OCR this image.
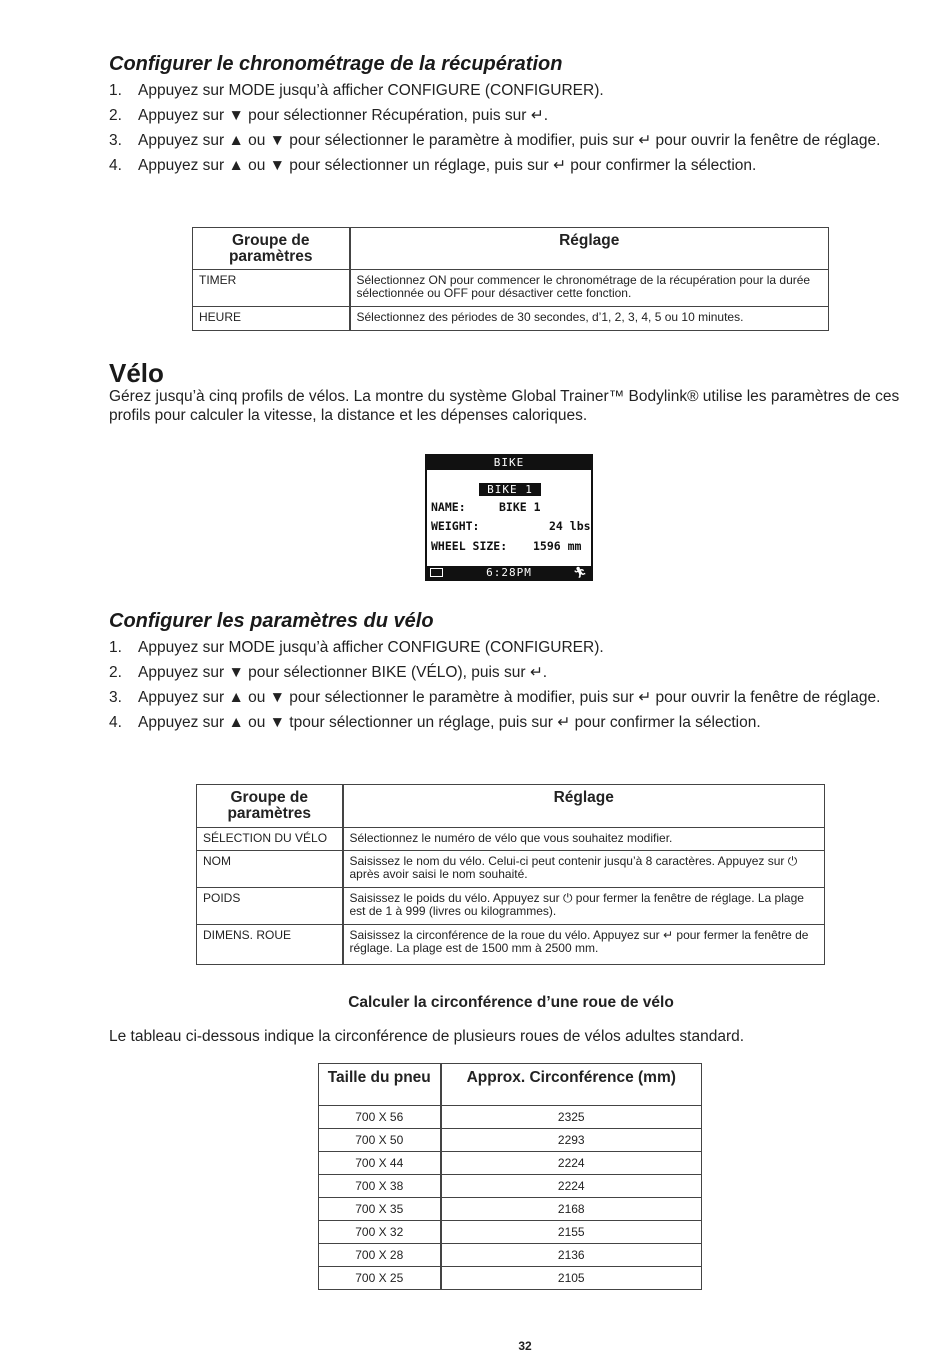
Configurer le chronométrage de la récupération
1. Appuyez sur MODE jusqu’à afficher CONFIGURE (CONFIGURER).
2. Appuyez sur ▼ pour sélectionner Récupération, puis sur ↵.
3. Appuyez sur ▲ ou ▼ pour sélectionner le paramètre à modifier, puis sur ↵ pour ouvrir la fenêtre de réglage.
4. Appuyez sur ▲ ou ▼ pour sélectionner un réglage, puis sur ↵ pour confirmer la sélection.
Groupe de paramètres	Réglage
TIMER	Sélectionnez ON pour commencer le chronométrage de la récupération pour la durée sélectionnée ou OFF pour désactiver cette fonction.
HEURE	Sélectionnez des périodes de 30 secondes, d’1, 2, 3, 4, 5 ou 10 minutes.
Vélo

Gérez jusqu’à cinq profils de vélos. La montre du système Global Trainer™ Bodylink® utilise les paramètres de ces profils pour calculer la vitesse, la distance et les dépenses caloriques.

BIKE
BIKE 1
NAME:	BIKE 1
WEIGHT:	24 lbs
WHEEL SIZE: 1596 mm
6:28PM	🏃︎
Configurer les paramètres du vélo
1. Appuyez sur MODE jusqu’à afficher CONFIGURE (CONFIGURER).
2. Appuyez sur ▼ pour sélectionner BIKE (VÉLO), puis sur ↵.
3. Appuyez sur ▲ ou ▼ pour sélectionner le paramètre à modifier, puis sur ↵ pour ouvrir la fenêtre de réglage.
4. Appuyez sur ▲ ou ▼ tpour sélectionner un réglage, puis sur ↵ pour confirmer la sélection.
Groupe de paramètres	Réglage
SÉLECTION DU VÉLO	Sélectionnez le numéro de vélo que vous souhaitez modifier.
NOM	Saisissez le nom du vélo. Celui-ci peut contenir jusqu’à 8 caractères. Appuyez sur ⏻ après avoir saisi le nom souhaité.
POIDS	Saisissez le poids du vélo. Appuyez sur ⏻ pour fermer la fenêtre de réglage. La plage est de 1 à 999 (livres ou kilogrammes).
DIMENS. ROUE	Saisissez la circonférence de la roue du vélo. Appuyez sur ↵ pour fermer la fenêtre de réglage. La plage est de 1500 mm à 2500 mm.
Calculer la circonférence d’une roue de vélo

Le tableau ci-dessous indique la circonférence de plusieurs roues de vélos adultes standard.

Taille du pneu	Approx. Circonférence (mm)
700 X 56	2325
700 X 50	2293
700 X 44	2224
700 X 38	2224
700 X 35	2168
700 X 32	2155
700 X 28	2136
700 X 25	2105
32
